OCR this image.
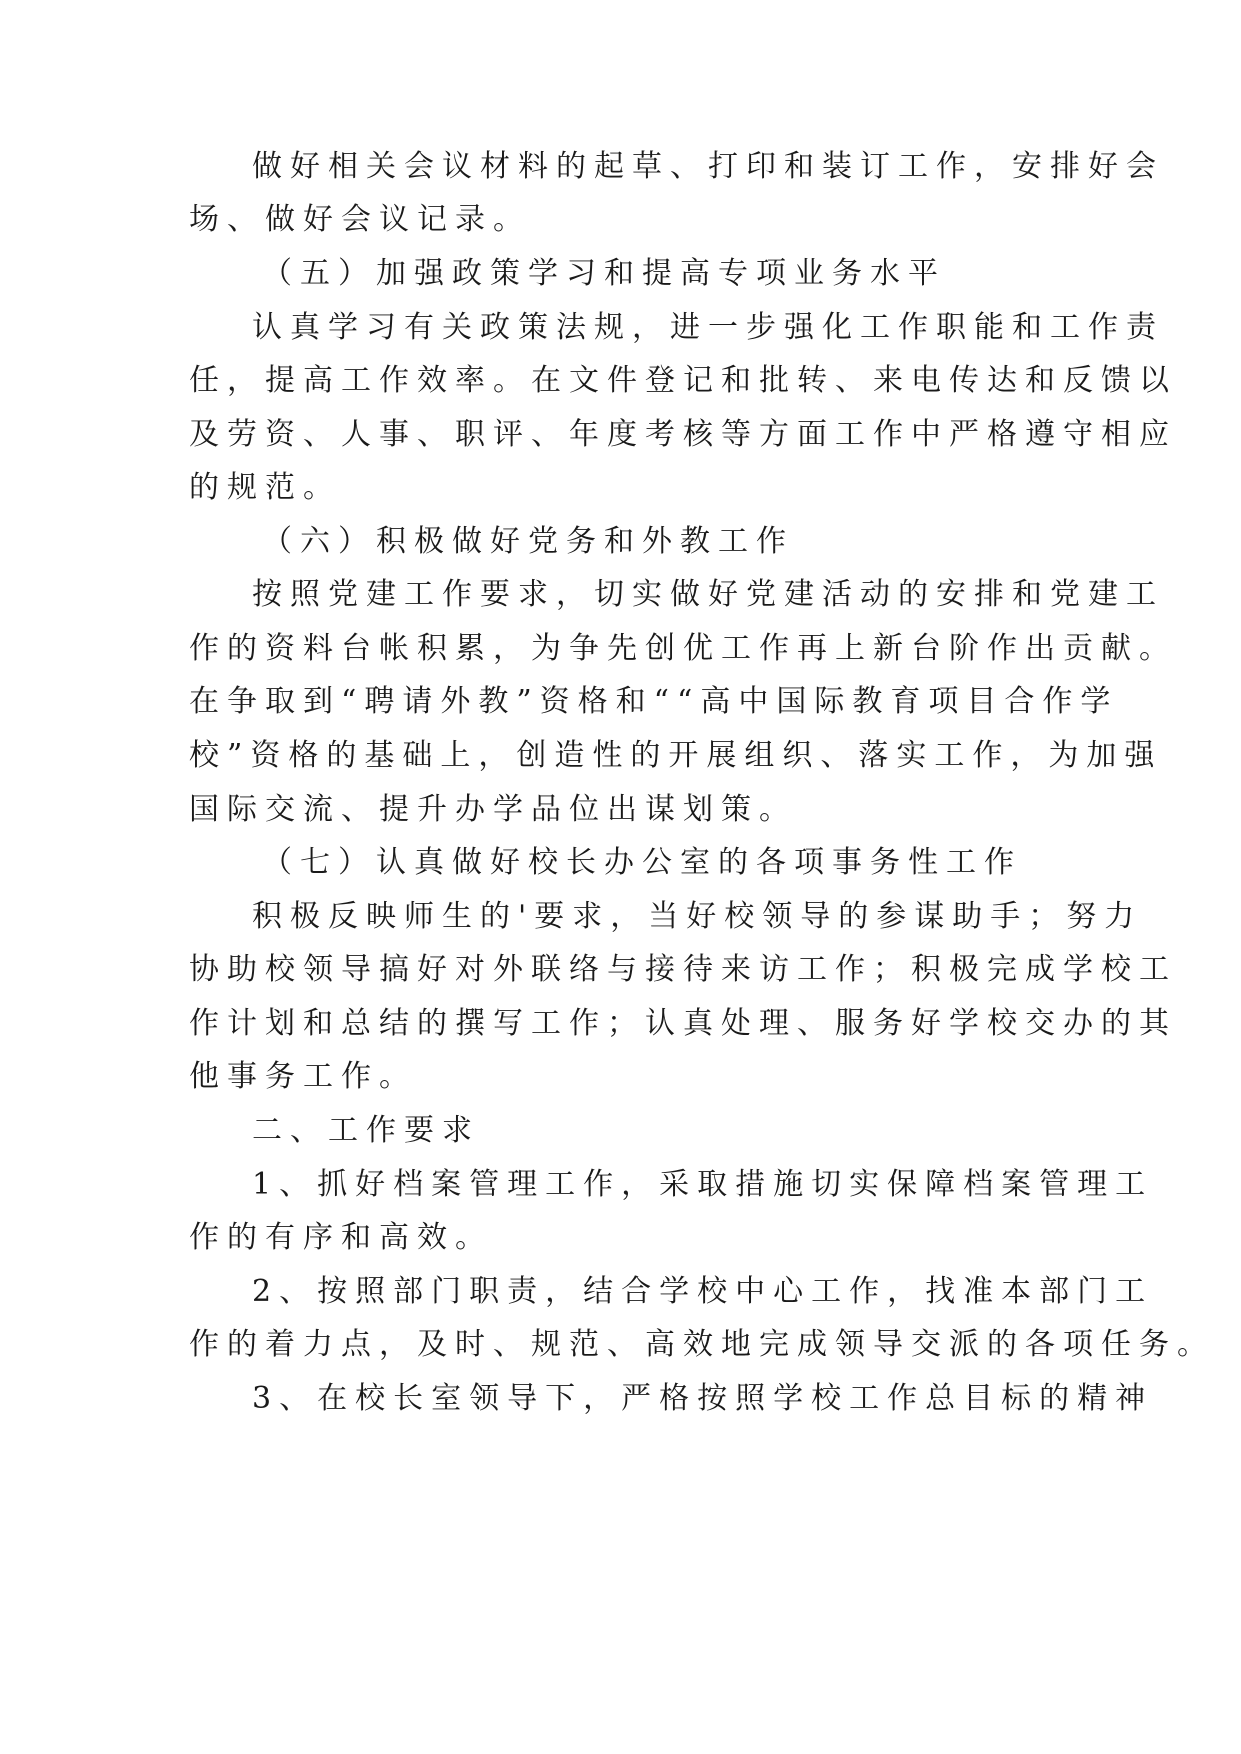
做好相关会议材料的起草、打印和装订工作，安排好会
场、做好会议记录。
（五）加强政策学习和提高专项业务水平
认真学习有关政策法规，进一步强化工作职能和工作责
任，提高工作效率。在文件登记和批转、来电传达和反馈以
及劳资、人事、职评、年度考核等方面工作中严格遵守相应
的规范。
（六）积极做好党务和外教工作
按照党建工作要求，切实做好党建活动的安排和党建工
作的资料台帐积累，为争先创优工作再上新台阶作出贡献。
在争取到“聘请外教”资格和““高中国际教育项目合作学
校”资格的基础上，创造性的开展组织、落实工作，为加强
国际交流、提升办学品位出谋划策。
（七）认真做好校长办公室的各项事务性工作
积极反映师生的'要求，当好校领导的参谋助手；努力
协助校领导搞好对外联络与接待来访工作；积极完成学校工
作计划和总结的撰写工作；认真处理、服务好学校交办的其
他事务工作。
二、工作要求
1、抓好档案管理工作，采取措施切实保障档案管理工
作的有序和高效。
2、按照部门职责，结合学校中心工作，找准本部门工
作的着力点，及时、规范、高效地完成领导交派的各项任务。
3、在校长室领导下，严格按照学校工作总目标的精神
